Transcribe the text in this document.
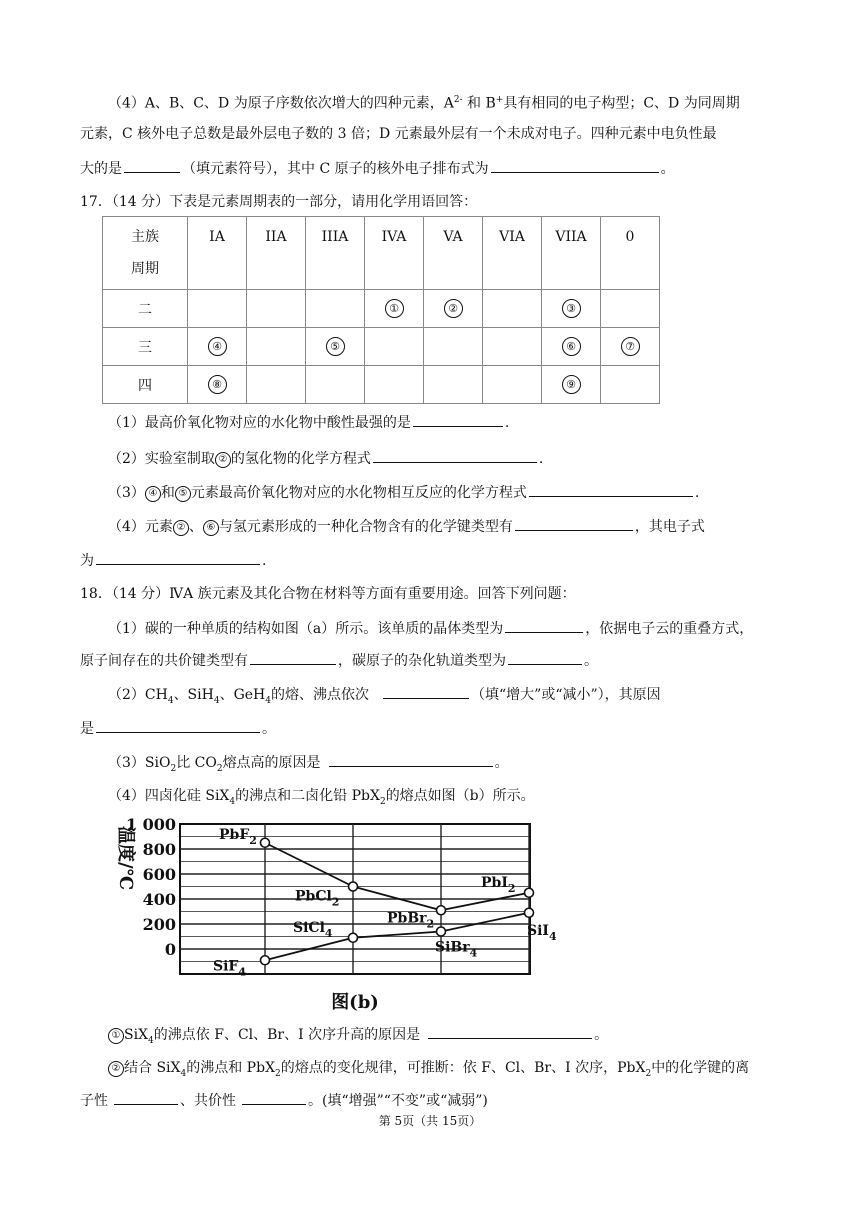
（4）A、B、C、D 为原子序数依次增大的四种元素，$A^{2-}$ 和 B+具有相同的电子构型；C、D 为同周期
元素，C 核外电子总数是最外层电子数的 3 倍；D 元素最外层有一个未成对电子。四种元素中电负性最
大的是	（填元素符号），其中 C 原子的核外电子排布式为	。
17．（14 分）下表是元素周期表的一部分，请用化学用语回答：
主族
周期	IA	IIA	IIIA	IVA	VA	VIA	VIIA	0
二				①	②		③	
三	④		⑤				⑥	⑦
四	⑧						⑨	
（1）最高价氧化物对应的水化物中酸性最强的是	.
（2）实验室制取 ② 的氢化物的化学方程式	.
（3） ④ 和 ⑤ 元素最高价氧化物对应的水化物相互反应的化学方程式	.
（4）元素 ② 、 ⑥ 与氢元素形成的一种化合物含有的化学键类型有	，其电子式
为	.
18．（14 分）ⅣA 族元素及其化合物在材料等方面有重要用途。回答下列问题：
（1）碳的一种单质的结构如图（a）所示。该单质的晶体类型为	，依据电子云的重叠方式，
原子间存在的共价键类型有	，碳原子的杂化轨道类型为	。
$(2)CH_4$、SiH$_4$、GeH$_4$的熔、沸点依次	（填“增大”或“减小”），其原因
是	。
（3）SiO$_2$比 $CO_2$熔点高的原因是	。
（4）四卤化硅 SiX$_4$的沸点和二卤化铅 PbX$_2$的熔点如图（b）所示。
1 000
800
600
400
200
0
温度/℃	PbF$_2$
PbCl$_2$
PbBr$_2$
PbI$_2$
SiF$_4$
SiCl$_4$
SiBr$_4$
SiI$_4$
图(b)
① SiX$_4$的沸点依 F、Cl、Br、I 次序升高的原因是	。
② 结合 SiX$_4$的沸点和 PbX$_2$的熔点的变化规律，可推断：依 F、Cl、Br、I 次序，PbX$_2$中的化学键的离
子性	、共价性	。(填“增强”“不变”或“减弱”)
第 5页（共 15页）
